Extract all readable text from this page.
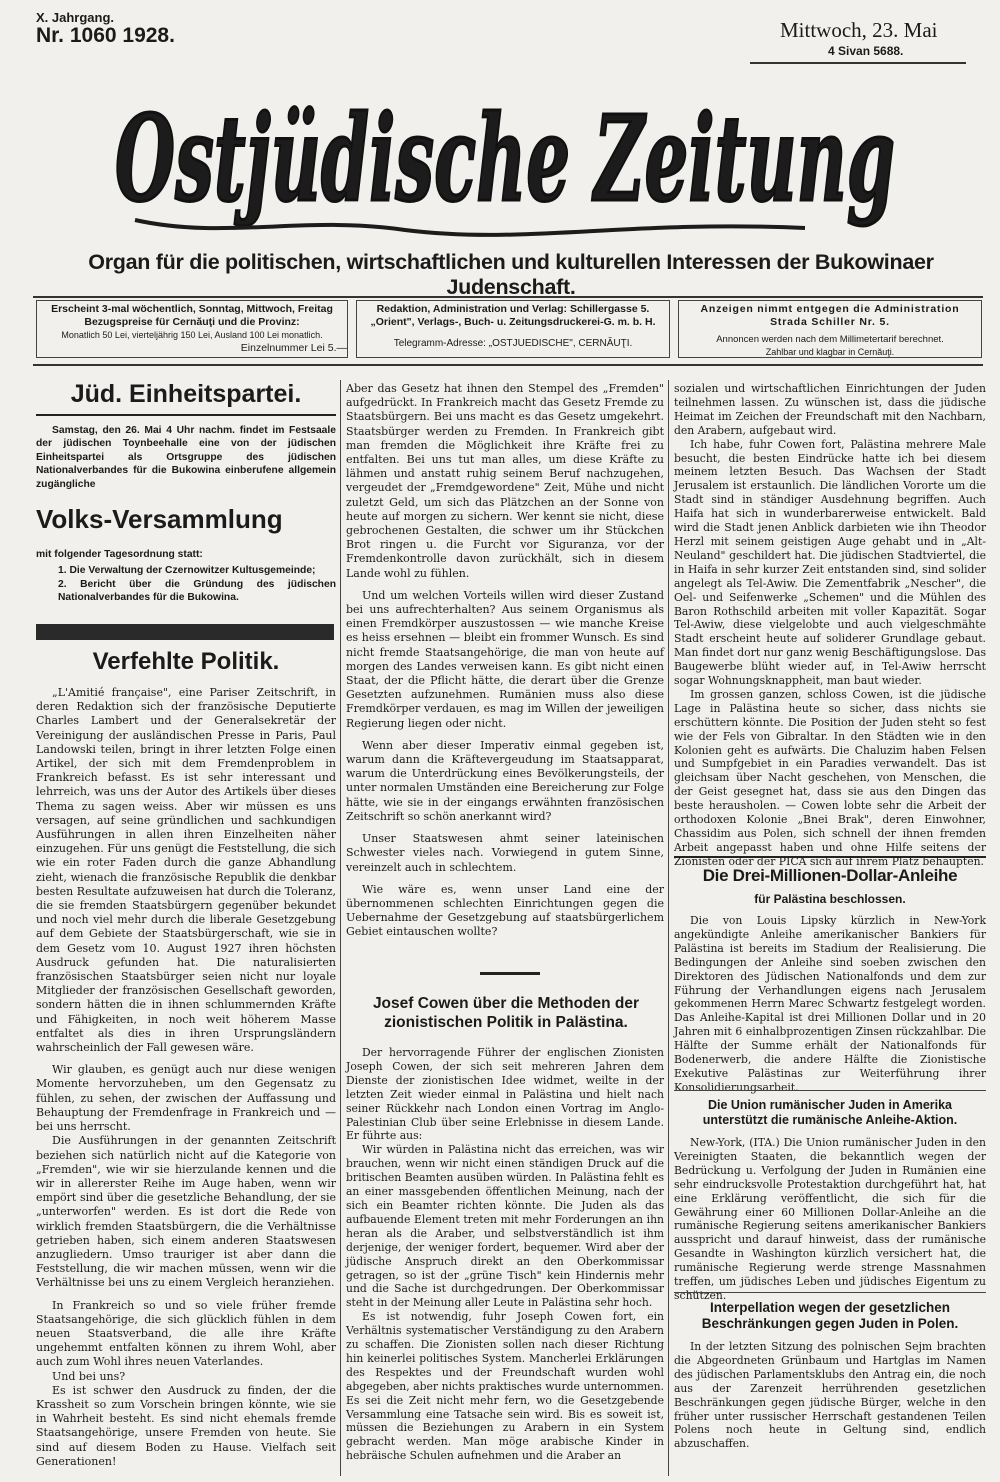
X. Jahrgang.
Nr. 1060 1928.	Mittwoch, 23. Mai
4 Sivan 5688.
Ostjüdische Zeitung
Organ für die politischen, wirtschaftlichen und kulturellen Interessen der Bukowinaer Judenschaft.
Erscheint 3-mal wöchentlich, Sonntag, Mittwoch, Freitag
Bezugspreise für Cernăuţi und die Provinz:
Monatlich 50 Lei, vierteljährig 150 Lei, Ausland 100 Lei monatlich.
Einzelnummer Lei 5.—
Redaktion, Administration und Verlag: Schillergasse 5.
„Orient", Verlags-, Buch- u. Zeitungsdruckerei-G. m. b. H.
Telegramm-Adresse: „OSTJUEDISCHE", CERNĂUŢI.
Anzeigen nimmt entgegen die Administration
Strada Schiller Nr. 5.
Annoncen werden nach dem Millimetertarif berechnet.
Zahlbar und klagbar in Cernăuţi.
Jüd. Einheitspartei.

Samstag, den 26. Mai 4 Uhr nachm. findet im Festsaale der jüdischen Toynbeehalle eine von der jüdischen Einheitspartei als Ortsgruppe des jüdischen Nationalverbandes für die Bukowina einberufene allgemein zugängliche

Volks-Versammlung
mit folgender Tagesordnung statt:
1. Die Verwaltung der Czernowitzer Kultusgemeinde;
2. Bericht über die Gründung des jüdischen Nationalverbandes für die Bukowina.
Verfehlte Politik.

„L'Amitié française", eine Pariser Zeitschrift, in deren Redaktion sich der französische Deputierte Charles Lambert und der Generalsekretär der Vereinigung der ausländischen Presse in Paris, Paul Landowski teilen, bringt in ihrer letzten Folge einen Artikel, der sich mit dem Fremdenproblem in Frankreich befasst. Es ist sehr interessant und lehrreich, was uns der Autor des Artikels über dieses Thema zu sagen weiss. Aber wir müssen es uns versagen, auf seine gründlichen und sachkundigen Ausführungen in allen ihren Einzelheiten näher einzugehen. Für uns genügt die Feststellung, die sich wie ein roter Faden durch die ganze Abhandlung zieht, wienach die französische Republik die denkbar besten Resultate aufzuweisen hat durch die Toleranz, die sie fremden Staatsbürgern gegenüber bekundet und noch viel mehr durch die liberale Gesetzgebung auf dem Gebiete der Staatsbürgerschaft, wie sie in dem Gesetz vom 10. August 1927 ihren höchsten Ausdruck gefunden hat. Die naturalisierten französischen Staatsbürger seien nicht nur loyale Mitglieder der französischen Gesellschaft geworden, sondern hätten die in ihnen schlummernden Kräfte und Fähigkeiten, in noch weit höherem Masse entfaltet als dies in ihren Ursprungsländern wahrscheinlich der Fall gewesen wäre.

Wir glauben, es genügt auch nur diese wenigen Momente hervorzuheben, um den Gegensatz zu fühlen, zu sehen, der zwischen der Auffassung und Behauptung der Fremdenfrage in Frankreich und — bei uns herrscht.

Die Ausführungen in der genannten Zeitschrift beziehen sich natürlich nicht auf die Kategorie von „Fremden", wie wir sie hierzulande kennen und die wir in allererster Reihe im Auge haben, wenn wir empört sind über die gesetzliche Behandlung, der sie „unterworfen" werden. Es ist dort die Rede von wirklich fremden Staatsbürgern, die die Verhältnisse getrieben haben, sich einem anderen Staatswesen anzugliedern. Umso trauriger ist aber dann die Feststellung, die wir machen müssen, wenn wir die Verhältnisse bei uns zu einem Vergleich heranziehen.

In Frankreich so und so viele früher fremde Staatsangehörige, die sich glücklich fühlen in dem neuen Staatsverband, die alle ihre Kräfte ungehemmt entfalten können zu ihrem Wohl, aber auch zum Wohl ihres neuen Vaterlandes.

Und bei uns?

Es ist schwer den Ausdruck zu finden, der die Krassheit so zum Vorschein bringen könnte, wie sie in Wahrheit besteht. Es sind nicht ehemals fremde Staatsangehörige, unsere Fremden von heute. Sie sind auf diesem Boden zu Hause. Vielfach seit Generationen!

Aber das Gesetz hat ihnen den Stempel des „Fremden" aufgedrückt. In Frankreich macht das Gesetz Fremde zu Staatsbürgern. Bei uns macht es das Gesetz umgekehrt. Staatsbürger werden zu Fremden. In Frankreich gibt man fremden die Möglichkeit ihre Kräfte frei zu entfalten. Bei uns tut man alles, um diese Kräfte zu lähmen und anstatt ruhig seinem Beruf nachzugehen, vergeudet der „Fremdgewordene" Zeit, Mühe und nicht zuletzt Geld, um sich das Plätzchen an der Sonne von heute auf morgen zu sichern. Wer kennt sie nicht, diese gebrochenen Gestalten, die schwer um ihr Stückchen Brot ringen u. die Furcht vor Siguranza, vor der Fremdenkontrolle davon zurückhält, sich in diesem Lande wohl zu fühlen.

Und um welchen Vorteils willen wird dieser Zustand bei uns aufrechterhalten? Aus seinem Organismus als einen Fremdkörper auszustossen — wie manche Kreise es heiss ersehnen — bleibt ein frommer Wunsch. Es sind nicht fremde Staatsangehörige, die man von heute auf morgen des Landes verweisen kann. Es gibt nicht einen Staat, der die Pflicht hätte, die derart über die Grenze Gesetzten aufzunehmen. Rumänien muss also diese Fremdkörper verdauen, es mag im Willen der jeweiligen Regierung liegen oder nicht.

Wenn aber dieser Imperativ einmal gegeben ist, warum dann die Kräftevergeudung im Staatsapparat, warum die Unterdrückung eines Bevölkerungsteils, der unter normalen Umständen eine Bereicherung zur Folge hätte, wie sie in der eingangs erwähnten französischen Zeitschrift so schön anerkannt wird?

Unser Staatswesen ahmt seiner lateinischen Schwester vieles nach. Vorwiegend in gutem Sinne, vereinzelt auch in schlechtem.

Wie wäre es, wenn unser Land eine der übernommenen schlechten Einrichtungen gegen die Uebernahme der Gesetzgebung auf staatsbürgerlichem Gebiet eintauschen wollte?

Josef Cowen über die Methoden der zionistischen Politik in Palästina.

Der hervorragende Führer der englischen Zionisten Joseph Cowen, der sich seit mehreren Jahren dem Dienste der zionistischen Idee widmet, weilte in der letzten Zeit wieder einmal in Palästina und hielt nach seiner Rückkehr nach London einen Vortrag im Anglo-Palestinian Club über seine Erlebnisse in diesem Lande. Er führte aus:

Wir würden in Palästina nicht das erreichen, was wir brauchen, wenn wir nicht einen ständigen Druck auf die britischen Beamten ausüben würden. In Palästina fehlt es an einer massgebenden öffentlichen Meinung, nach der sich ein Beamter richten könnte. Die Juden als das aufbauende Element treten mit mehr Forderungen an ihn heran als die Araber, und selbstverständlich ist ihm derjenige, der weniger fordert, bequemer. Wird aber der jüdische Anspruch direkt an den Oberkommissar getragen, so ist der „grüne Tisch" kein Hindernis mehr und die Sache ist durchgedrungen. Der Oberkommissar steht in der Meinung aller Leute in Palästina sehr hoch.

Es ist notwendig, fuhr Joseph Cowen fort, ein Verhältnis systematischer Verständigung zu den Arabern zu schaffen. Die Zionisten sollen nach dieser Richtung hin keinerlei politisches System. Mancherlei Erklärungen des Respektes und der Freundschaft wurden wohl abgegeben, aber nichts praktisches wurde unternommen. Es sei die Zeit nicht mehr fern, wo die Gesetzgebende Versammlung eine Tatsache sein wird. Bis es soweit ist, müssen die Beziehungen zu Arabern in ein System gebracht werden. Man möge arabische Kinder in hebräische Schulen aufnehmen und die Araber an

sozialen und wirtschaftlichen Einrichtungen der Juden teilnehmen lassen. Zu wünschen ist, dass die jüdische Heimat im Zeichen der Freundschaft mit den Nachbarn, den Arabern, aufgebaut wird.

Ich habe, fuhr Cowen fort, Palästina mehrere Male besucht, die besten Eindrücke hatte ich bei diesem meinem letzten Besuch. Das Wachsen der Stadt Jerusalem ist erstaunlich. Die ländlichen Vororte um die Stadt sind in ständiger Ausdehnung begriffen. Auch Haifa hat sich in wunderbarerweise entwickelt. Bald wird die Stadt jenen Anblick darbieten wie ihn Theodor Herzl mit seinem geistigen Auge gehabt und in „Alt-Neuland" geschildert hat. Die jüdischen Stadtviertel, die in Haifa in sehr kurzer Zeit entstanden sind, sind solider angelegt als Tel-Awiw. Die Zementfabrik „Nescher", die Oel- und Seifenwerke „Schemen" und die Mühlen des Baron Rothschild arbeiten mit voller Kapazität. Sogar Tel-Awiw, diese vielgelobte und auch vielgeschmähte Stadt erscheint heute auf soliderer Grundlage gebaut. Man findet dort nur ganz wenig Beschäftigungslose. Das Baugewerbe blüht wieder auf, in Tel-Awiw herrscht sogar Wohnungsknappheit, man baut wieder.

Im grossen ganzen, schloss Cowen, ist die jüdische Lage in Palästina heute so sicher, dass nichts sie erschüttern könnte. Die Position der Juden steht so fest wie der Fels von Gibraltar. In den Städten wie in den Kolonien geht es aufwärts. Die Chaluzim haben Felsen und Sumpfgebiet in ein Paradies verwandelt. Das ist gleichsam über Nacht geschehen, von Menschen, die der Geist gesegnet hat, dass sie aus den Dingen das beste herausholen. — Cowen lobte sehr die Arbeit der orthodoxen Kolonie „Bnei Brak", deren Einwohner, Chassidim aus Polen, sich schnell der ihnen fremden Arbeit angepasst haben und ohne Hilfe seitens der Zionisten oder der PICA sich auf ihrem Platz behaupten.

Die Drei-Millionen-Dollar-Anleihe
für Palästina beschlossen.

Die von Louis Lipsky kürzlich in New-York angekündigte Anleihe amerikanischer Bankiers für Palästina ist bereits im Stadium der Realisierung. Die Bedingungen der Anleihe sind soeben zwischen den Direktoren des Jüdischen Nationalfonds und dem zur Führung der Verhandlungen eigens nach Jerusalem gekommenen Herrn Marec Schwartz festgelegt worden. Das Anleihe-Kapital ist drei Millionen Dollar und in 20 Jahren mit 6 einhalbprozentigen Zinsen rückzahlbar. Die Hälfte der Summe erhält der Nationalfonds für Bodenerwerb, die andere Hälfte die Zionistische Exekutive Palästinas zur Weiterführung ihrer Konsolidierungsarbeit.

Die Union rumänischer Juden in Amerika unterstützt die rumänische Anleihe-Aktion.

New-York, (ITA.) Die Union rumänischer Juden in den Vereinigten Staaten, die bekanntlich wegen der Bedrückung u. Verfolgung der Juden in Rumänien eine sehr eindrucksvolle Protestaktion durchgeführt hat, hat eine Erklärung veröffentlicht, die sich für die Gewährung einer 60 Millionen Dollar-Anleihe an die rumänische Regierung seitens amerikanischer Bankiers ausspricht und darauf hinweist, dass der rumänische Gesandte in Washington kürzlich versichert hat, die rumänische Regierung werde strenge Massnahmen treffen, um jüdisches Leben und jüdisches Eigentum zu schützen.

Interpellation wegen der gesetzlichen Beschränkungen gegen Juden in Polen.

In der letzten Sitzung des polnischen Sejm brachten die Abgeordneten Grünbaum und Hartglas im Namen des jüdischen Parlamentsklubs den Antrag ein, die noch aus der Zarenzeit herrührenden gesetzlichen Beschränkungen gegen jüdische Bürger, welche in den früher unter russischer Herrschaft gestandenen Teilen Polens noch heute in Geltung sind, endlich abzuschaffen.
